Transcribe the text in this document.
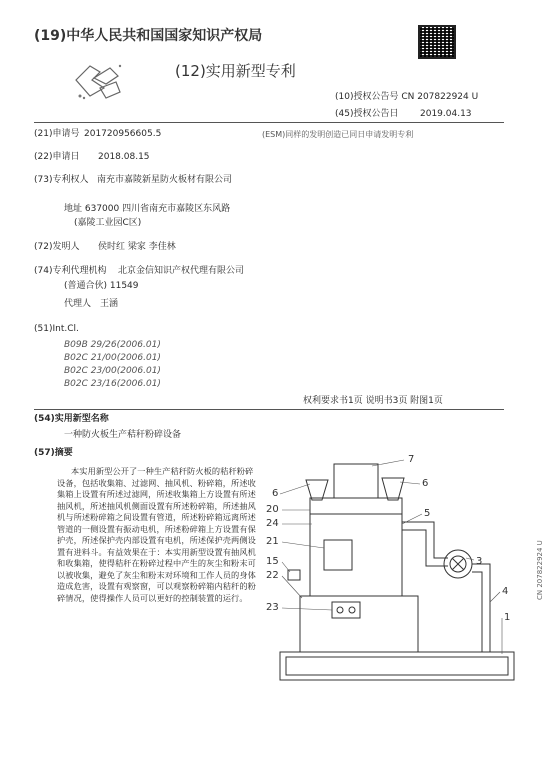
(19)中华人民共和国国家知识产权局
(12)实用新型专利
(10)授权公告号 CN 207822924 U
(45)授权公告日 2019.04.13
(21)申请号 201720956605.5	(ESM)同样的发明创造已同日申请发明专利
(22)申请日 2018.08.15
(73)专利权人 南充市嘉陵新星防火板材有限公司
地址 637000 四川省南充市嘉陵区东风路
(嘉陵工业园C区)
(72)发明人 侯时红 梁家 李佳林
(74)专利代理机构 北京金信知识产权代理有限公司
(普通合伙) 11549
代理人 王涵
(51)Int.Cl.
B09B 29/26(2006.01)
B02C 21/00(2006.01)
B02C 23/00(2006.01)
B02C 23/16(2006.01)
权利要求书1页 说明书3页 附图1页
(54)实用新型名称
一种防火板生产秸秆粉碎设备
(57)摘要
本实用新型公开了一种生产秸秆防火板的秸秆粉碎设备，包括收集箱、过滤网、抽风机、粉碎箱，所述收集箱上设置有所述过滤网，所述收集箱上方设置有所述抽风机，所述抽风机侧面设置有所述粉碎箱，所述抽风机与所述粉碎箱之间设置有管道，所述粉碎箱远离所述管道的一侧设置有振动电机，所述粉碎箱上方设置有保护壳，所述保护壳内部设置有电机，所述保护壳两侧设置有进料斗。有益效果在于：本实用新型设置有抽风机和收集箱，使得秸秆在粉碎过程中产生的灰尘和粉末可以被收集，避免了灰尘和粉末对环境和工作人员的身体造成危害，设置有观察窗，可以观察粉碎箱内秸秆的粉碎情况，使得操作人员可以更好的控制装置的运行。
7
6
6
20	5
24
21
3
15
22
4
23
1
CN 207822924 U
